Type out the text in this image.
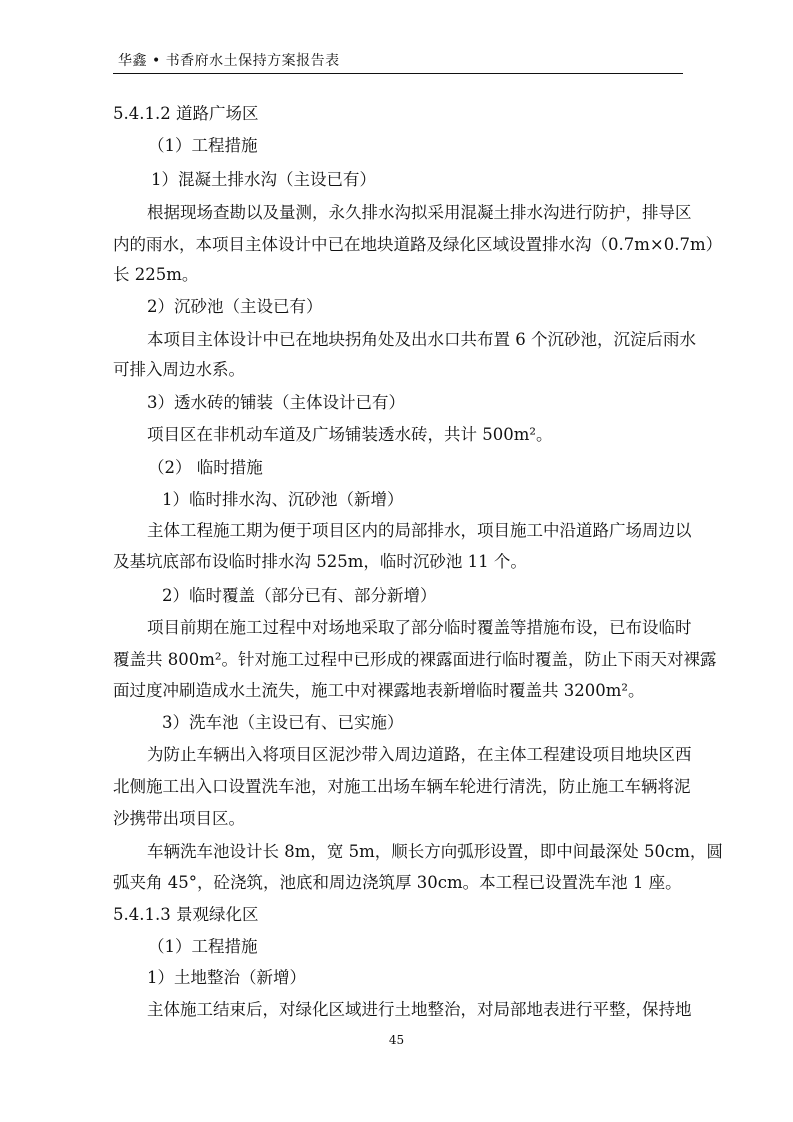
华鑫 • 书香府水土保持方案报告表
5.4.1.2 道路广场区
（1）工程措施
1）混凝土排水沟（主设已有）
根据现场查勘以及量测，永久排水沟拟采用混凝土排水沟进行防护，排导区
内的雨水，本项目主体设计中已在地块道路及绿化区域设置排水沟（0.7m×0.7m）
长 225m。
2）沉砂池（主设已有）
本项目主体设计中已在地块拐角处及出水口共布置 6 个沉砂池，沉淀后雨水
可排入周边水系。
3）透水砖的铺装（主体设计已有）
项目区在非机动车道及广场铺装透水砖，共计 500m²。
（2） 临时措施
1）临时排水沟、沉砂池（新增）
主体工程施工期为便于项目区内的局部排水，项目施工中沿道路广场周边以
及基坑底部布设临时排水沟 525m，临时沉砂池 11 个。
2）临时覆盖（部分已有、部分新增）
项目前期在施工过程中对场地采取了部分临时覆盖等措施布设，已布设临时
覆盖共 800m²。针对施工过程中已形成的裸露面进行临时覆盖，防止下雨天对裸露
面过度冲刷造成水土流失，施工中对裸露地表新增临时覆盖共 3200m²。
3）洗车池（主设已有、已实施）
为防止车辆出入将项目区泥沙带入周边道路，在主体工程建设项目地块区西
北侧施工出入口设置洗车池，对施工出场车辆车轮进行清洗，防止施工车辆将泥
沙携带出项目区。
车辆洗车池设计长 8m，宽 5m，顺长方向弧形设置，即中间最深处 50cm，圆
弧夹角 45°，砼浇筑，池底和周边浇筑厚 30cm。本工程已设置洗车池 1 座。
5.4.1.3 景观绿化区
（1）工程措施
1）土地整治（新增）
主体施工结束后，对绿化区域进行土地整治，对局部地表进行平整，保持地
45
